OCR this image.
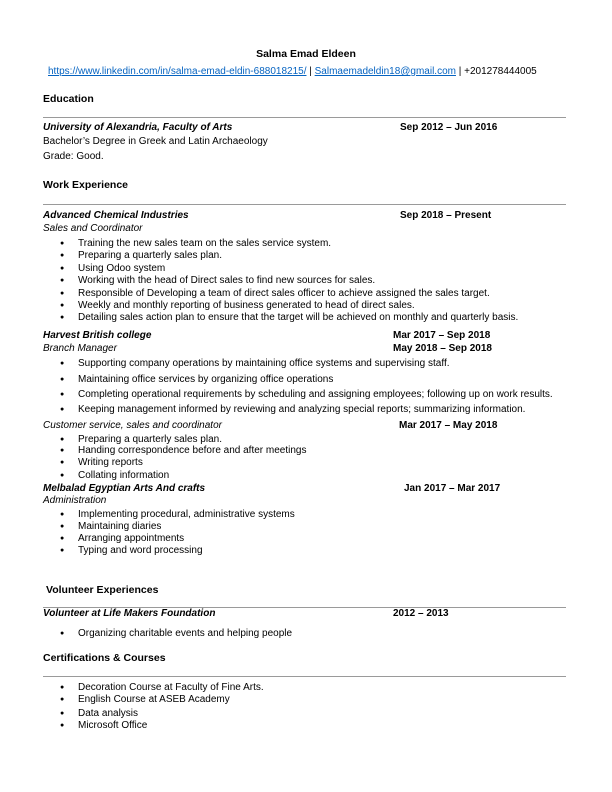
Salma Emad Eldeen
https://www.linkedin.com/in/salma-emad-eldin-688018215/ | Salmaemadeldin18@gmail.com | +201278444005
Education
University of Alexandria, Faculty of Arts	Sep 2012 – Jun 2016
Bachelor’s Degree in Greek and Latin Archaeology
Grade: Good.
Work Experience
Advanced Chemical Industries	Sep 2018 – Present
Sales and Coordinator
● Training the new sales team on the sales service system.
● Preparing a quarterly sales plan.
● Using Odoo system
● Working with the head of Direct sales to find new sources for sales.
● Responsible of Developing a team of direct sales officer to achieve assigned the sales target.
● Weekly and monthly reporting of business generated to head of direct sales.
● Detailing sales action plan to ensure that the target will be achieved on monthly and quarterly basis.
Harvest British college	Mar 2017 – Sep 2018
Branch Manager	May 2018 – Sep 2018
● Supporting company operations by maintaining office systems and supervising staff.
● Maintaining office services by organizing office operations
● Completing operational requirements by scheduling and assigning employees; following up on work results.
● Keeping management informed by reviewing and analyzing special reports; summarizing information.
Customer service, sales and coordinator	Mar 2017 – May 2018
● Preparing a quarterly sales plan.
● Handing correspondence before and after meetings
● Writing reports
● Collating information
Melbalad Egyptian Arts And crafts	Jan 2017 – Mar 2017
Administration
● Implementing procedural, administrative systems
● Maintaining diaries
● Arranging appointments
● Typing and word processing
Volunteer Experiences
Volunteer at Life Makers Foundation	2012 – 2013
● Organizing charitable events and helping people
Certifications & Courses
● Decoration Course at Faculty of Fine Arts.
● English Course at ASEB Academy
● Data analysis
● Microsoft Office
